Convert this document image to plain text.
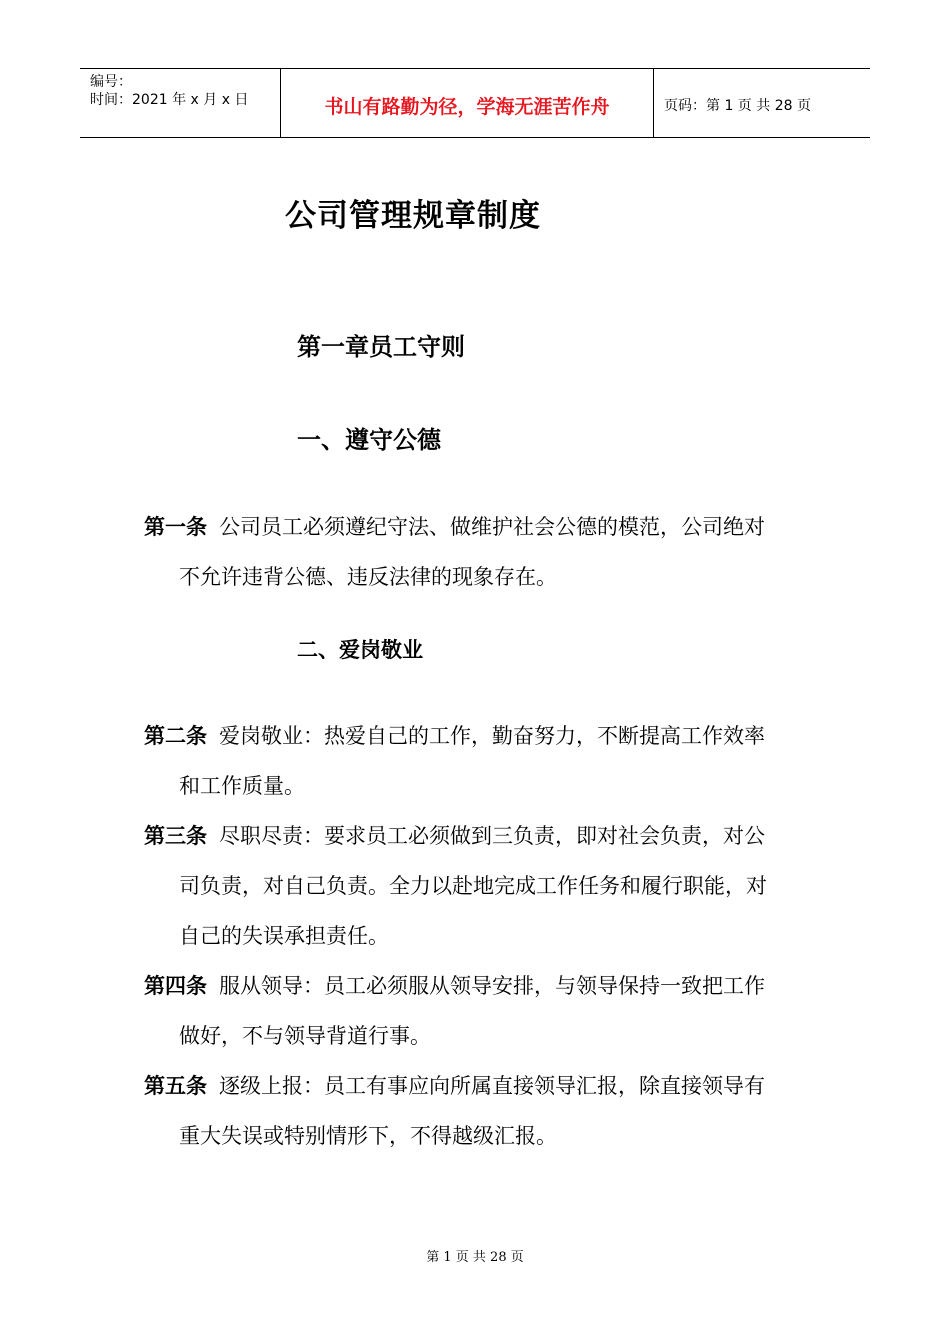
编号：
时间：2021 年 x 月 x 日	书山有路勤为径，学海无涯苦作舟	页码：第 1 页 共 28 页
公司管理规章制度
第一章员工守则
一、遵守公德
第一条 公司员工必须遵纪守法、做维护社会公德的模范，公司绝对
不允许违背公德、违反法律的现象存在。
二、爱岗敬业
第二条 爱岗敬业：热爱自己的工作，勤奋努力，不断提高工作效率
和工作质量。
第三条 尽职尽责：要求员工必须做到三负责，即对社会负责，对公
司负责，对自己负责。全力以赴地完成工作任务和履行职能，对
自己的失误承担责任。
第四条 服从领导：员工必须服从领导安排，与领导保持一致把工作
做好，不与领导背道行事。
第五条 逐级上报：员工有事应向所属直接领导汇报，除直接领导有
重大失误或特别情形下，不得越级汇报。
第 1 页 共 28 页
